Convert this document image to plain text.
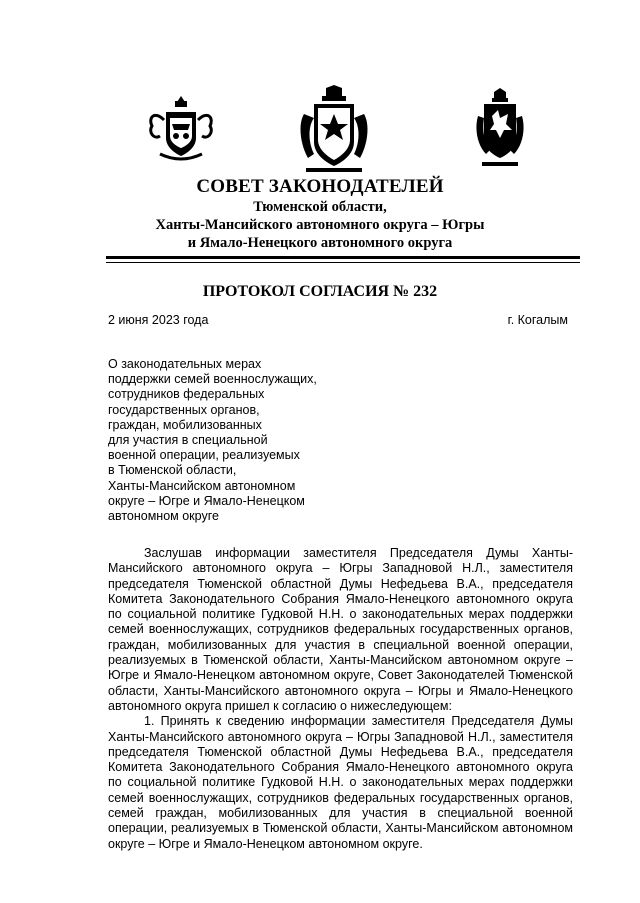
СОВЕТ ЗАКОНОДАТЕЛЕЙ

Тюменской области,

Ханты-Мансийского автономного округа – Югры

и Ямало-Ненецкого автономного округа

ПРОТОКОЛ СОГЛАСИЯ № 232
2 июня 2023 года	г. Когалым
О законодательных мерах
поддержки семей военнослужащих,
сотрудников федеральных
государственных органов,
граждан, мобилизованных
для участия в специальной
военной операции, реализуемых
в Тюменской области,
Ханты-Мансийском автономном
округе – Югре и Ямало-Ненецком
автономном округе

Заслушав информации заместителя Председателя Думы Ханты-Мансийского автономного округа – Югры Западновой Н.Л., заместителя председателя Тюменской областной Думы Нефедьева В.А., председателя Комитета Законодательного Собрания Ямало-Ненецкого автономного округа по социальной политике Гудковой Н.Н. о законодательных мерах поддержки семей военнослужащих, сотрудников федеральных государственных органов, граждан, мобилизованных для участия в специальной военной операции, реализуемых в Тюменской области, Ханты-Мансийском автономном округе – Югре и Ямало-Ненецком автономном округе, Совет Законодателей Тюменской области, Ханты-Мансийского автономного округа – Югры и Ямало-Ненецкого автономного округа пришел к согласию о нижеследующем:

1. Принять к сведению информации заместителя Председателя Думы Ханты-Мансийского автономного округа – Югры Западновой Н.Л., заместителя председателя Тюменской областной Думы Нефедьева В.А., председателя Комитета Законодательного Собрания Ямало-Ненецкого автономного округа по социальной политике Гудковой Н.Н. о законодательных мерах поддержки семей военнослужащих, сотрудников федеральных государственных органов, семей граждан, мобилизованных для участия в специальной военной операции, реализуемых в Тюменской области, Ханты-Мансийском автономном округе – Югре и Ямало-Ненецком автономном округе.
